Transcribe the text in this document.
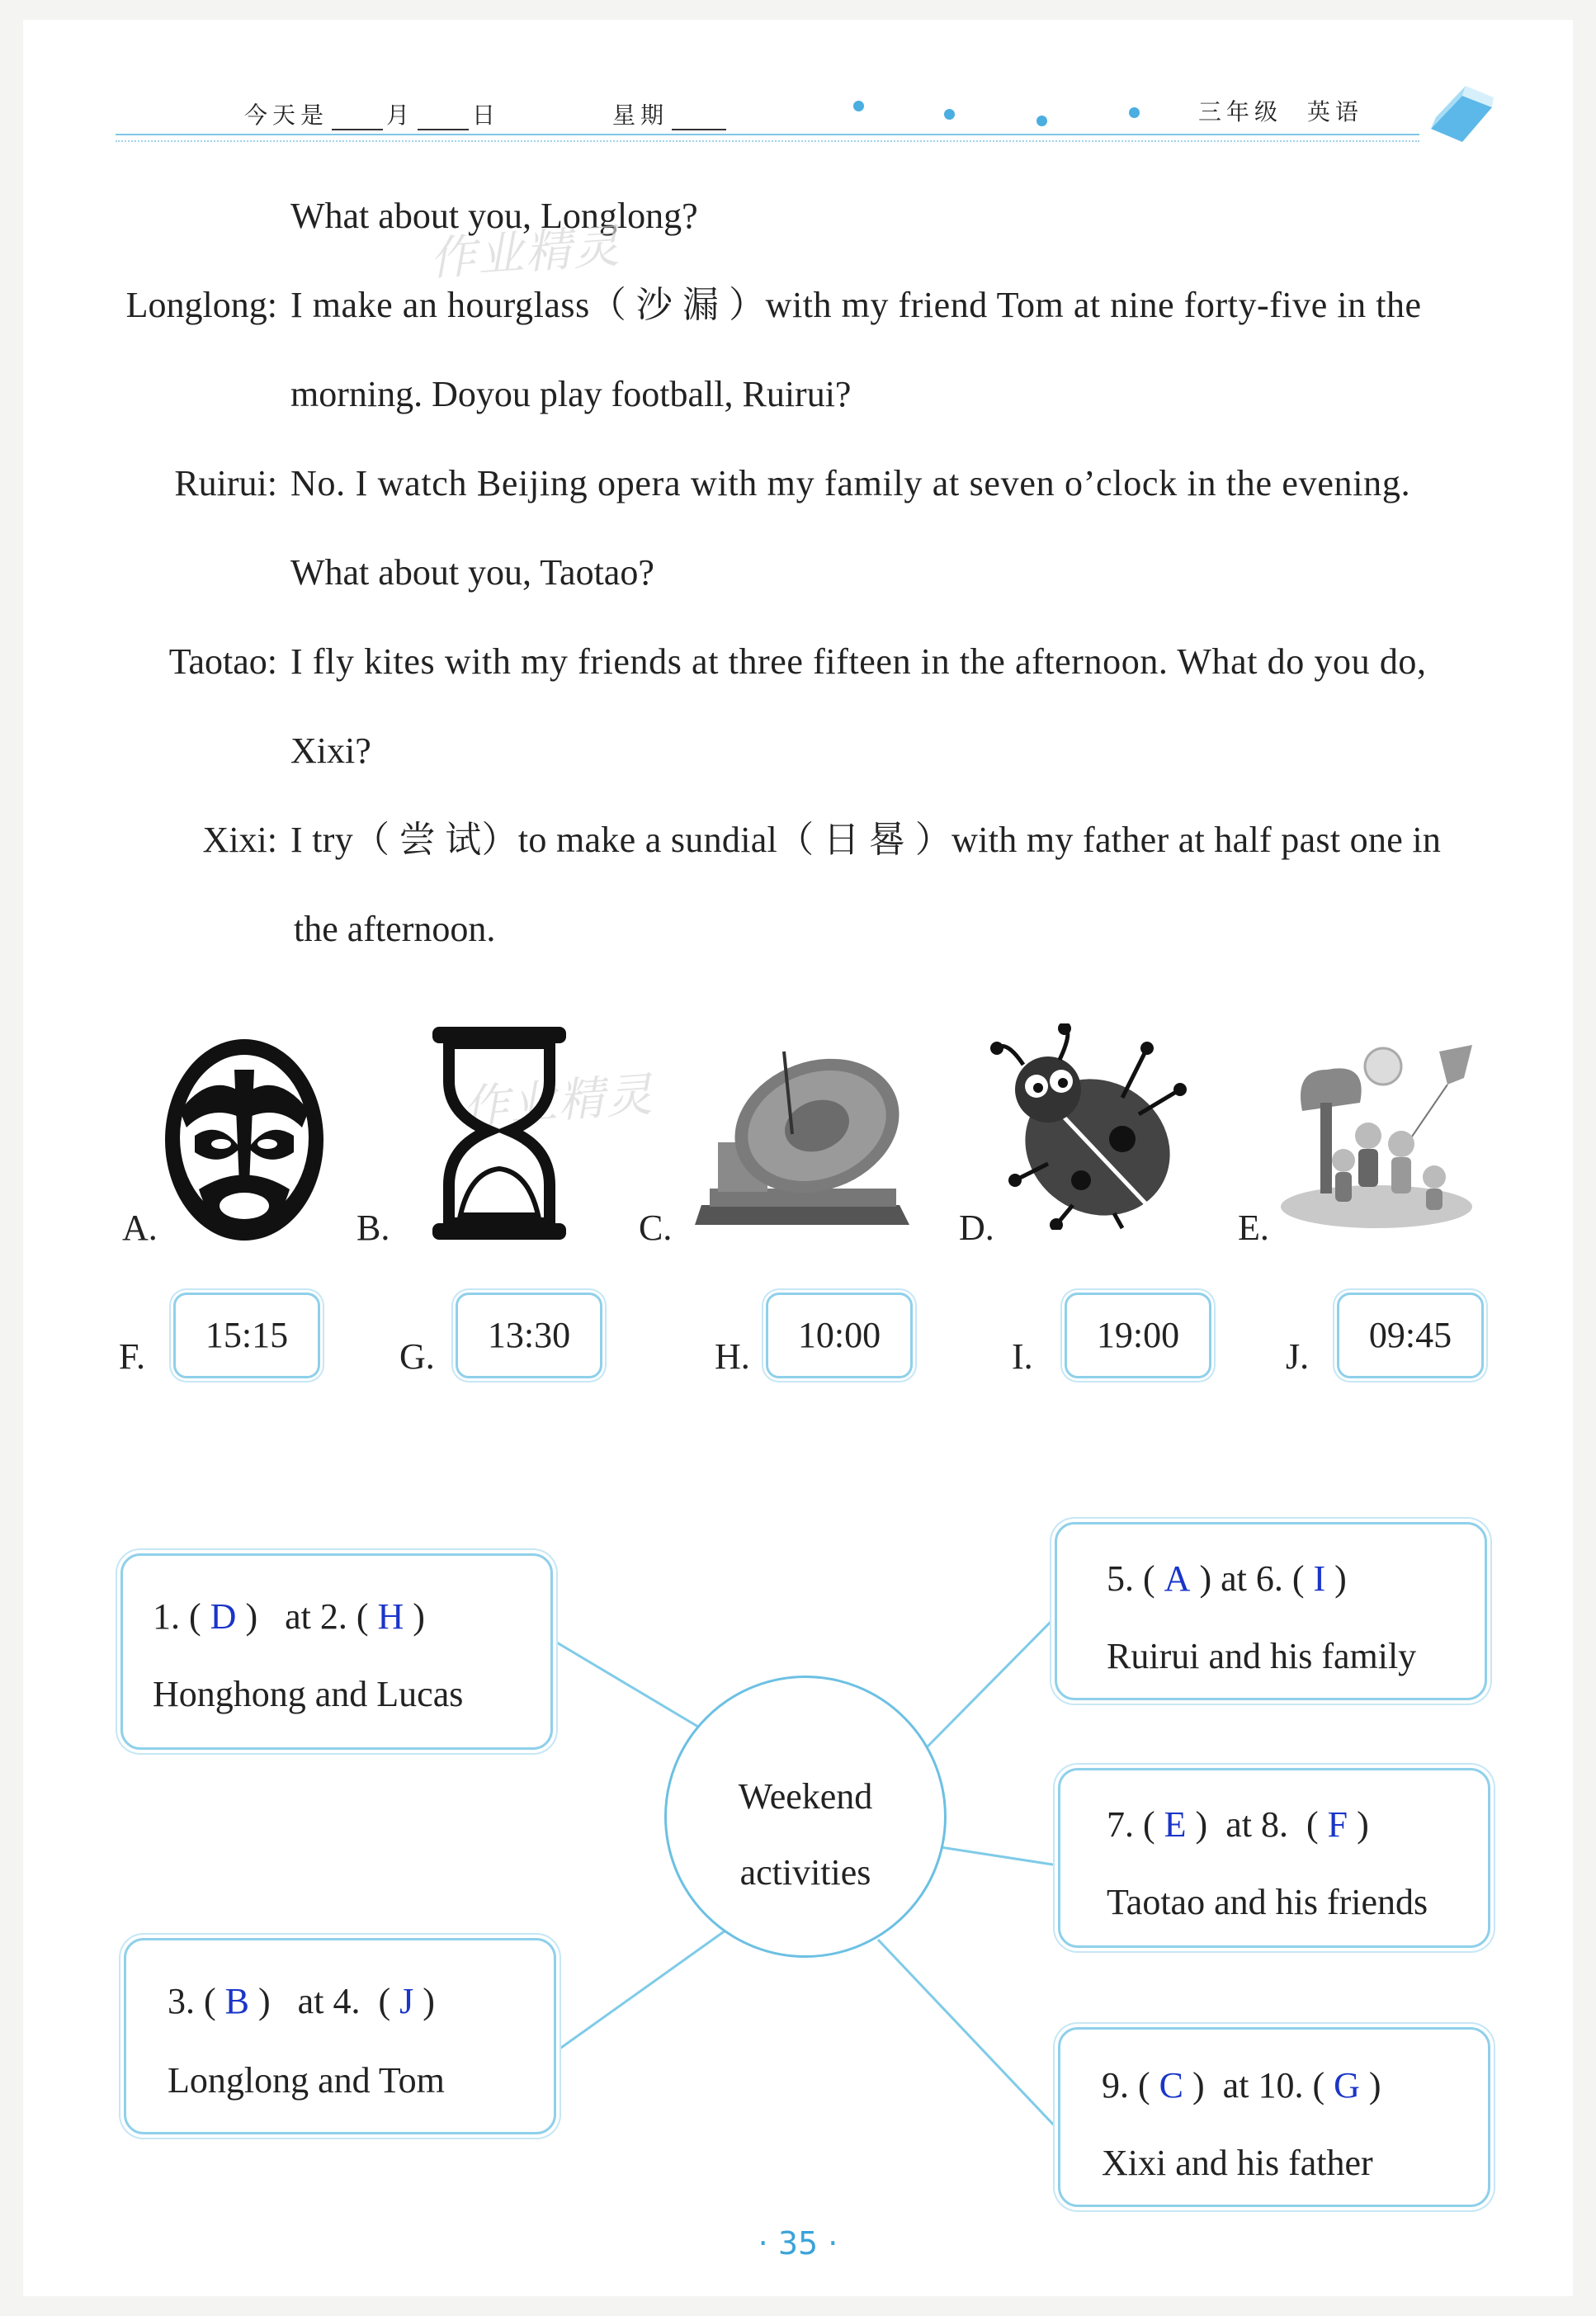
今天是	月	日	星期	三年级 英语
What about you, Longlong?
Longlong: I make an hourglass（ 沙 漏 ）with my friend Tom at nine forty-five in the
morning. Doyou play football, Ruirui?
Ruirui: No. I watch Beijing opera with my family at seven o’clock in the evening.
What about you, Taotao?
Taotao: I fly kites with my friends at three fifteen in the afternoon. What do you do,
Xixi?
Xixi: I try（ 尝 试）to make a sundial（ 日 晷 ）with my father at half past one in
the afternoon.
作业精灵
作业精灵
A.	B.	C.	D.	E.
F.
15:15
G.
13:30
H.
10:00
I.
19:00
J.
09:45
Weekend
activities
1. ( D )   at 2. ( H )
Honghong and Lucas
3. ( B )   at 4.  ( J )
Longlong and Tom
5. ( A ) at 6. ( I )
Ruirui and his family
7. ( E )  at 8.  ( F )
Taotao and his friends
9. ( C )  at 10. ( G )
Xixi and his father
· 35 ·
